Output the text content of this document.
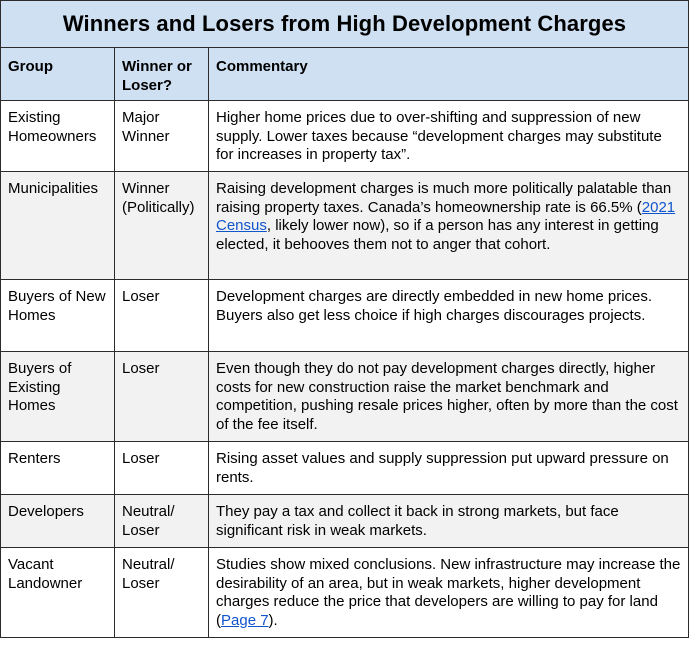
Winners and Losers from High Development Charges		

Group	Winner or Loser?	Commentary

Existing Homeowners	Major Winner	Higher home prices due to over-shifting and suppression of new supply. Lower taxes because “development charges may substitute for increases in property tax”.

Municipalities	Winner (Politically)	Raising development charges is much more politically palatable than raising property taxes. Canada’s homeownership rate is 66.5% (2021 Census, likely lower now), so if a person has any interest in getting elected, it behooves them not to anger that cohort.

Buyers of New Homes	Loser	Development charges are directly embedded in new home prices. Buyers also get less choice if high charges discourages projects.

Buyers of Existing Homes	Loser	Even though they do not pay development charges directly, higher costs for new construction raise the market benchmark and competition, pushing resale prices higher, often by more than the cost of the fee itself.

Renters	Loser	Rising asset values and supply suppression put upward pressure on rents.

Developers	Neutral/ Loser	They pay a tax and collect it back in strong markets, but face significant risk in weak markets.

Vacant Landowner	Neutral/ Loser	Studies show mixed conclusions. New infrastructure may increase the desirability of an area, but in weak markets, higher development charges reduce the price that developers are willing to pay for land (Page 7).
